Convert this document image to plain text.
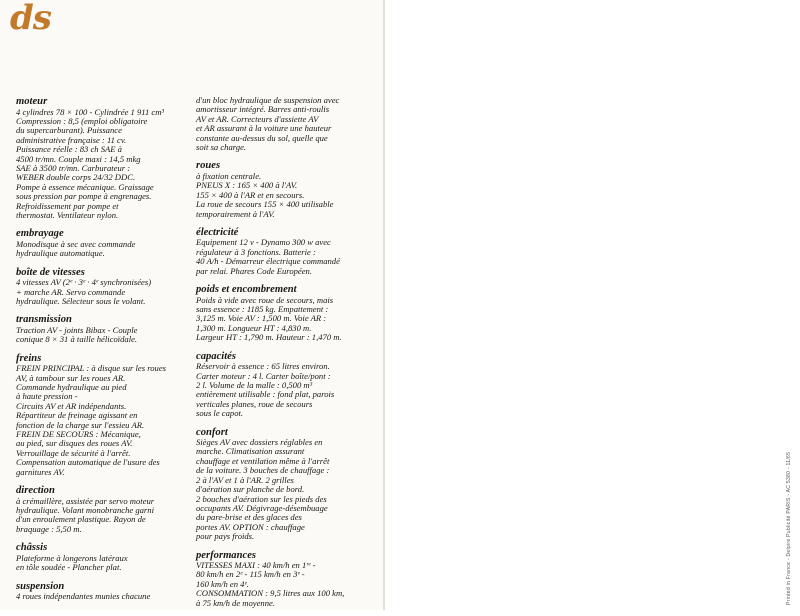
ds
moteur
4 cylindres 78 × 100 - Cylindrée 1 911 cm³
Compression : 8,5 (emploi obligatoire
du supercarburant). Puissance
administrative française : 11 cv.
Puissance réelle : 83 ch SAE à
4500 tr/mn. Couple maxi : 14,5 mkg
SAE à 3500 tr/mn. Carburateur :
WEBER double corps 24/32 DDC.
Pompe à essence mécanique. Graissage
sous pression par pompe à engrenages.
Refroidissement par pompe et
thermostat. Ventilateur nylon.
embrayage
Monodisque à sec avec commande
hydraulique automatique.
boîte de vitesses
4 vitesses AV (2ᵉ · 3ᵉ · 4ᵉ synchronisées)
+ marche AR. Servo commande
hydraulique. Sélecteur sous le volant.
transmission
Traction AV - joints Bibax - Couple
conique 8 × 31 à taille hélicoïdale.
freins
FREIN PRINCIPAL : à disque sur les roues
AV, à tambour sur les roues AR.
Commande hydraulique au pied
à haute pression -
Circuits AV et AR indépendants.
Répartiteur de freinage agissant en
fonction de la charge sur l'essieu AR.
FREIN DE SECOURS : Mécanique,
au pied, sur disques des roues AV.
Verrouillage de sécurité à l'arrêt.
Compensation automatique de l'usure des
garnitures AV.
direction
à crémaillère, assistée par servo moteur
hydraulique. Volant monobranche garni
d'un enroulement plastique. Rayon de
braquage : 5,50 m.
châssis
Plateforme à longerons latéraux
en tôle soudée - Plancher plat.
suspension
4 roues indépendantes munies chacune
d'un bloc hydraulique de suspension avec
amortisseur intégré. Barres anti-roulis
AV et AR. Correcteurs d'assiette AV
et AR assurant à la voiture une hauteur
constante au-dessus du sol, quelle que
soit sa charge.
roues
à fixation centrale.
PNEUS X : 165 × 400 à l'AV.
155 × 400 à l'AR et en secours.
La roue de secours 155 × 400 utilisable
temporairement à l'AV.
électricité
Equipement 12 v - Dynamo 300 w avec
régulateur à 3 fonctions. Batterie :
40 A/h - Démarreur électrique commandé
par relai. Phares Code Européen.
poids et encombrement
Poids à vide avec roue de secours, mais
sans essence : 1185 kg. Empattement :
3,125 m. Voie AV : 1,500 m. Voie AR :
1,300 m. Longueur HT : 4,830 m.
Largeur HT : 1,790 m. Hauteur : 1,470 m.
capacités
Réservoir à essence : 65 litres environ.
Carter moteur : 4 l. Carter boîte/pont :
2 l. Volume de la malle : 0,500 m³
entièrement utilisable : fond plat, parois
verticales planes, roue de secours
sous le capot.
confort
Sièges AV avec dossiers réglables en
marche. Climatisation assurant
chauffage et ventilation même à l'arrêt
de la voiture. 3 bouches de chauffage :
2 à l'AV et 1 à l'AR. 2 grilles
d'aération sur planche de bord.
2 bouches d'aération sur les pieds des
occupants AV. Dégivrage-désembuage
du pare-brise et des glaces des
portes AV. OPTION : chauffage
pour pays froids.
performances
VITESSES MAXI : 40 km/h en 1ʳᵉ -
80 km/h en 2ᵉ - 115 km/h en 3ᵉ -
160 km/h en 4ᵉ.
CONSOMMATION : 9,5 litres aux 100 km,
à 75 km/h de moyenne.	Printed in France - Delpire Publicité PARIS - AC 5380 - 11/65
